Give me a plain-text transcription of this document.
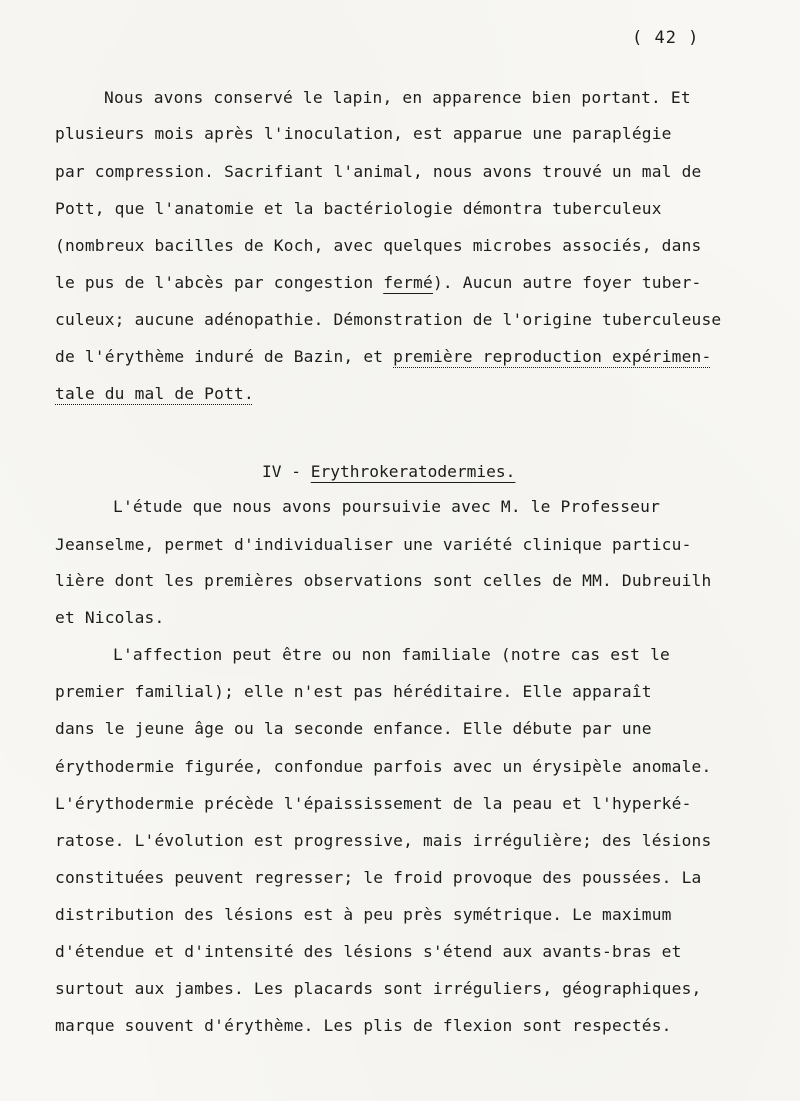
( 42 )
Nous avons conservé le lapin, en apparence bien portant. Et
plusieurs mois après l'inoculation, est apparue une paraplégie
par compression. Sacrifiant l'animal, nous avons trouvé un mal de
Pott, que l'anatomie et la bactériologie démontra tuberculeux
(nombreux bacilles de Koch, avec quelques microbes associés, dans
le pus de l'abcès par congestion fermé). Aucun autre foyer tuber-
culeux; aucune adénopathie. Démonstration de l'origine tuberculeuse
de l'érythème induré de Bazin, et première reproduction expérimen-
tale du mal de Pott.
IV - Erythrokeratodermies.
L'étude que nous avons poursuivie avec M. le Professeur
Jeanselme, permet d'individualiser une variété clinique particu-
lière dont les premières observations sont celles de MM. Dubreuilh
et Nicolas.
L'affection peut être ou non familiale (notre cas est le
premier familial); elle n'est pas héréditaire. Elle apparaît
dans le jeune âge ou la seconde enfance. Elle débute par une
érythodermie figurée, confondue parfois avec un érysipèle anomale.
L'érythodermie précède l'épaississement de la peau et l'hyperké-
ratose. L'évolution est progressive, mais irrégulière; des lésions
constituées peuvent regresser; le froid provoque des poussées. La
distribution des lésions est à peu près symétrique. Le maximum
d'étendue et d'intensité des lésions s'étend aux avants-bras et
surtout aux jambes. Les placards sont irréguliers, géographiques,
marque souvent d'érythème. Les plis de flexion sont respectés.
